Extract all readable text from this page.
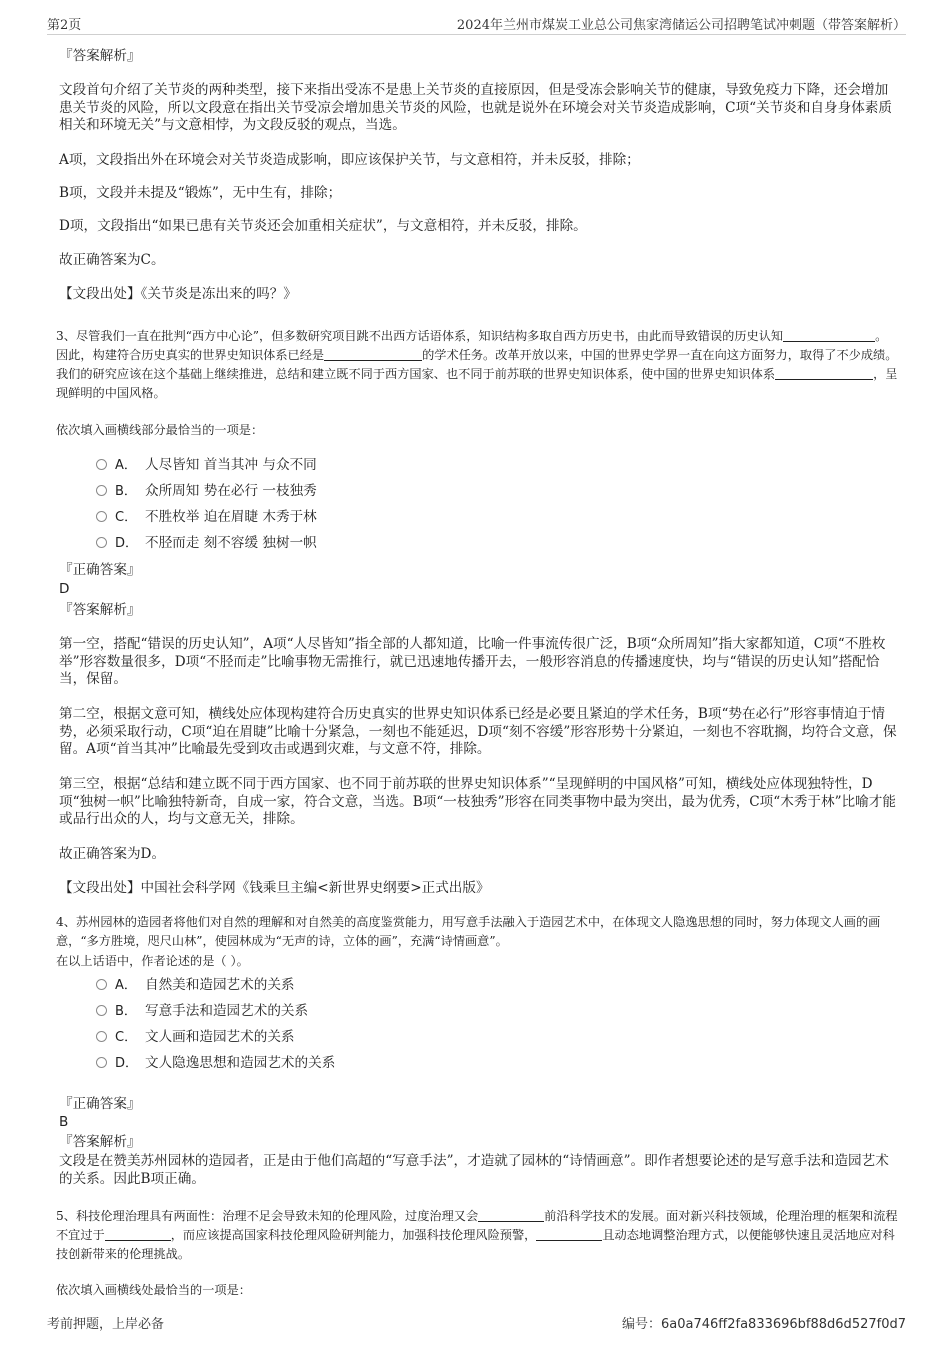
第2页	2024年兰州市煤炭工业总公司焦家湾储运公司招聘笔试冲刺题（带答案解析）
『答案解析』

文段首句介绍了关节炎的两种类型，接下来指出受冻不是患上关节炎的直接原因，但是受冻会影响关节的健康，导致免疫力下降，还会增加患关节炎的风险，所以文段意在指出关节受凉会增加患关节炎的风险，也就是说外在环境会对关节炎造成影响，C项“关节炎和自身身体素质相关和环境无关”与文意相悖，为文段反驳的观点，当选。

A项，文段指出外在环境会对关节炎造成影响，即应该保护关节，与文意相符，并未反驳，排除；

B项，文段并未提及“锻炼”，无中生有，排除；

D项，文段指出“如果已患有关节炎还会加重相关症状”，与文意相符，并未反驳，排除。

故正确答案为C。

【文段出处】《关节炎是冻出来的吗？》

3、尽管我们一直在批判“西方中心论”，但多数研究项目跳不出西方话语体系，知识结构多取自西方历史书，由此而导致错误的历史认知	。因此，构建符合历史真实的世界史知识体系已经是	的学术任务。改革开放以来，中国的世界史学界一直在向这方面努力，取得了不少成绩。我们的研究应该在这个基础上继续推进，总结和建立既不同于西方国家、也不同于前苏联的世界史知识体系，使中国的世界史知识体系	，呈现鲜明的中国风格。

依次填入画横线部分最恰当的一项是：

A． 人尽皆知 首当其冲 与众不同
B． 众所周知 势在必行 一枝独秀
C． 不胜枚举 迫在眉睫 木秀于林
D． 不胫而走 刻不容缓 独树一帜
『正确答案』
D
『答案解析』

第一空，搭配“错误的历史认知”，A项“人尽皆知”指全部的人都知道，比喻一件事流传很广泛，B项“众所周知”指大家都知道，C项“不胜枚举”形容数量很多，D项“不胫而走”比喻事物无需推行，就已迅速地传播开去，一般形容消息的传播速度快，均与“错误的历史认知”搭配恰当，保留。

第二空，根据文意可知，横线处应体现构建符合历史真实的世界史知识体系已经是必要且紧迫的学术任务，B项“势在必行”形容事情迫于情势，必须采取行动，C项“迫在眉睫”比喻十分紧急，一刻也不能延迟，D项“刻不容缓”形容形势十分紧迫，一刻也不容耽搁，均符合文意，保留。A项“首当其冲”比喻最先受到攻击或遇到灾难，与文意不符，排除。

第三空，根据“总结和建立既不同于西方国家、也不同于前苏联的世界史知识体系”“呈现鲜明的中国风格”可知，横线处应体现独特性，D项“独树一帜”比喻独特新奇，自成一家，符合文意，当选。B项“一枝独秀”形容在同类事物中最为突出，最为优秀，C项“木秀于林”比喻才能或品行出众的人，均与文意无关，排除。

故正确答案为D。

【文段出处】中国社会科学网《钱乘旦主编<新世界史纲要>正式出版》

4、苏州园林的造园者将他们对自然的理解和对自然美的高度鉴赏能力，用写意手法融入于造园艺术中，在体现文人隐逸思想的同时，努力体现文人画的画意，“多方胜境，咫尺山林”，使园林成为“无声的诗，立体的画”，充满“诗情画意”。

在以上话语中，作者论述的是（ ）。

A． 自然美和造园艺术的关系
B． 写意手法和造园艺术的关系
C． 文人画和造园艺术的关系
D． 文人隐逸思想和造园艺术的关系
『正确答案』
B
『答案解析』

文段是在赞美苏州园林的造园者，正是由于他们高超的“写意手法”，才造就了园林的“诗情画意”。即作者想要论述的是写意手法和造园艺术的关系。因此B项正确。

5、科技伦理治理具有两面性：治理不足会导致未知的伦理风险，过度治理又会	前沿科学技术的发展。面对新兴科技领域，伦理治理的框架和流程不宜过于	，而应该提高国家科技伦理风险研判能力，加强科技伦理风险预警，	且动态地调整治理方式，以便能够快速且灵活地应对科技创新带来的伦理挑战。

依次填入画横线处最恰当的一项是：

考前押题，上岸必备	编号：6a0a746ff2fa833696bf88d6d527f0d7
